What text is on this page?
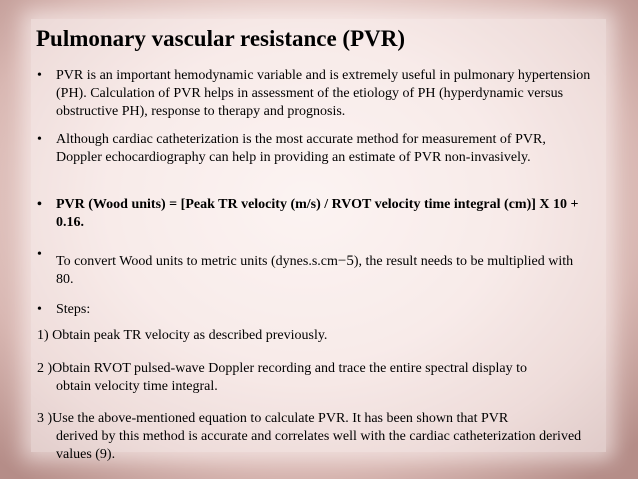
Pulmonary vascular resistance (PVR)
• PVR is an important hemodynamic variable and is extremely useful in pulmonary hypertension (PH). Calculation of PVR helps in assessment of the etiology of PH (hyperdynamic versus obstructive PH), response to therapy and prognosis.
• Although cardiac catheterization is the most accurate method for measurement of PVR, Doppler echocardiography can help in providing an estimate of PVR non-invasively.
• PVR (Wood units) = [Peak TR velocity (m/s) / RVOT velocity time integral (cm)] X 10 + 0.16.
• To convert Wood units to metric units (dynes.s.cm−5), the result needs to be multiplied with 80.
• Steps:
1) Obtain peak TR velocity as described previously.
2 )Obtain RVOT pulsed-wave Doppler recording and trace the entire spectral display to
obtain velocity time integral.
3 )Use the above-mentioned equation to calculate PVR. It has been shown that PVR
derived by this method is accurate and correlates well with the cardiac catheterization derived values (9).
